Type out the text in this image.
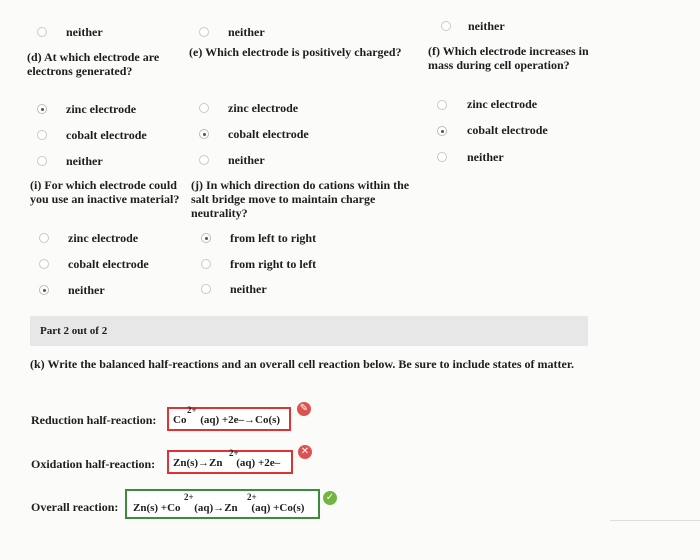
neither	neither	neither
(d) At which electrode are electrons generated?
(e) Which electrode is positively charged?	(f) Which electrode increases in mass during cell operation?
zinc electrode
cobalt electrode
neither
zinc electrode
cobalt electrode
neither
zinc electrode
cobalt electrode
neither
(i) For which electrode could you use an inactive material?
(j) In which direction do cations within the salt bridge move to maintain charge neutrality?
zinc electrode
cobalt electrode
neither
from left to right
from right to left
neither
Part 2 out of 2
(k) Write the balanced half-reactions and an overall cell reaction below. Be sure to include states of matter.
Reduction half-reaction:
2+
Co     (aq) +2e–→Co(s)
✎
Oxidation half-reaction:
2+
Zn(s)→Zn     (aq) +2e–
✕
Overall reaction:
2+	2+
Zn(s) +Co     (aq)→Zn     (aq) +Co(s)
✓
